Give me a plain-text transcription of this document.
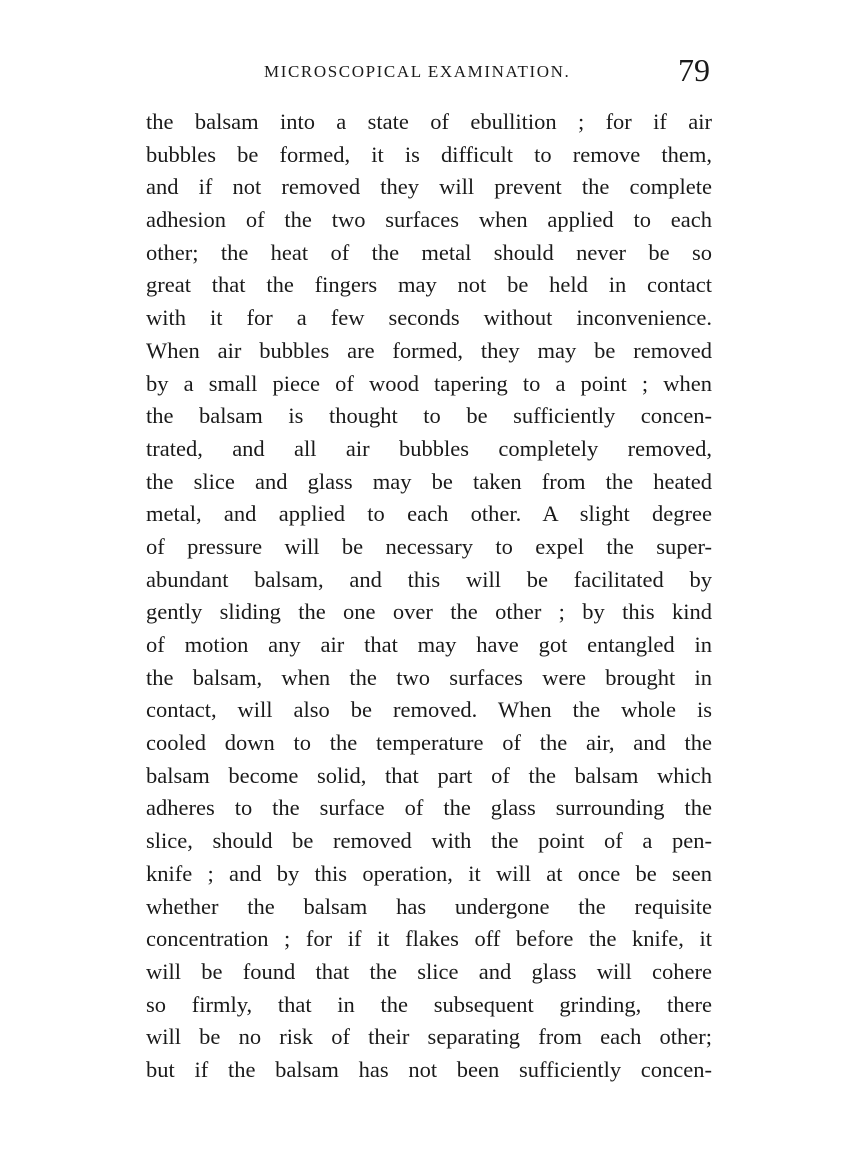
MICROSCOPICAL EXAMINATION.	79
the balsam into a state of ebullition ; for if air
bubbles be formed, it is difficult to remove them,
and if not removed they will prevent the complete
adhesion of the two surfaces when applied to each
other; the heat of the metal should never be so
great that the fingers may not be held in contact
with it for a few seconds without inconvenience.
When air bubbles are formed, they may be removed
by a small piece of wood tapering to a point ; when
the balsam is thought to be sufficiently concen-
trated, and all air bubbles completely removed,
the slice and glass may be taken from the heated
metal, and applied to each other. A slight degree
of pressure will be necessary to expel the super-
abundant balsam, and this will be facilitated by
gently sliding the one over the other ; by this kind
of motion any air that may have got entangled in
the balsam, when the two surfaces were brought in
contact, will also be removed. When the whole is
cooled down to the temperature of the air, and the
balsam become solid, that part of the balsam which
adheres to the surface of the glass surrounding the
slice, should be removed with the point of a pen-
knife ; and by this operation, it will at once be seen
whether the balsam has undergone the requisite
concentration ; for if it flakes off before the knife, it
will be found that the slice and glass will cohere
so firmly, that in the subsequent grinding, there
will be no risk of their separating from each other;
but if the balsam has not been sufficiently concen-
